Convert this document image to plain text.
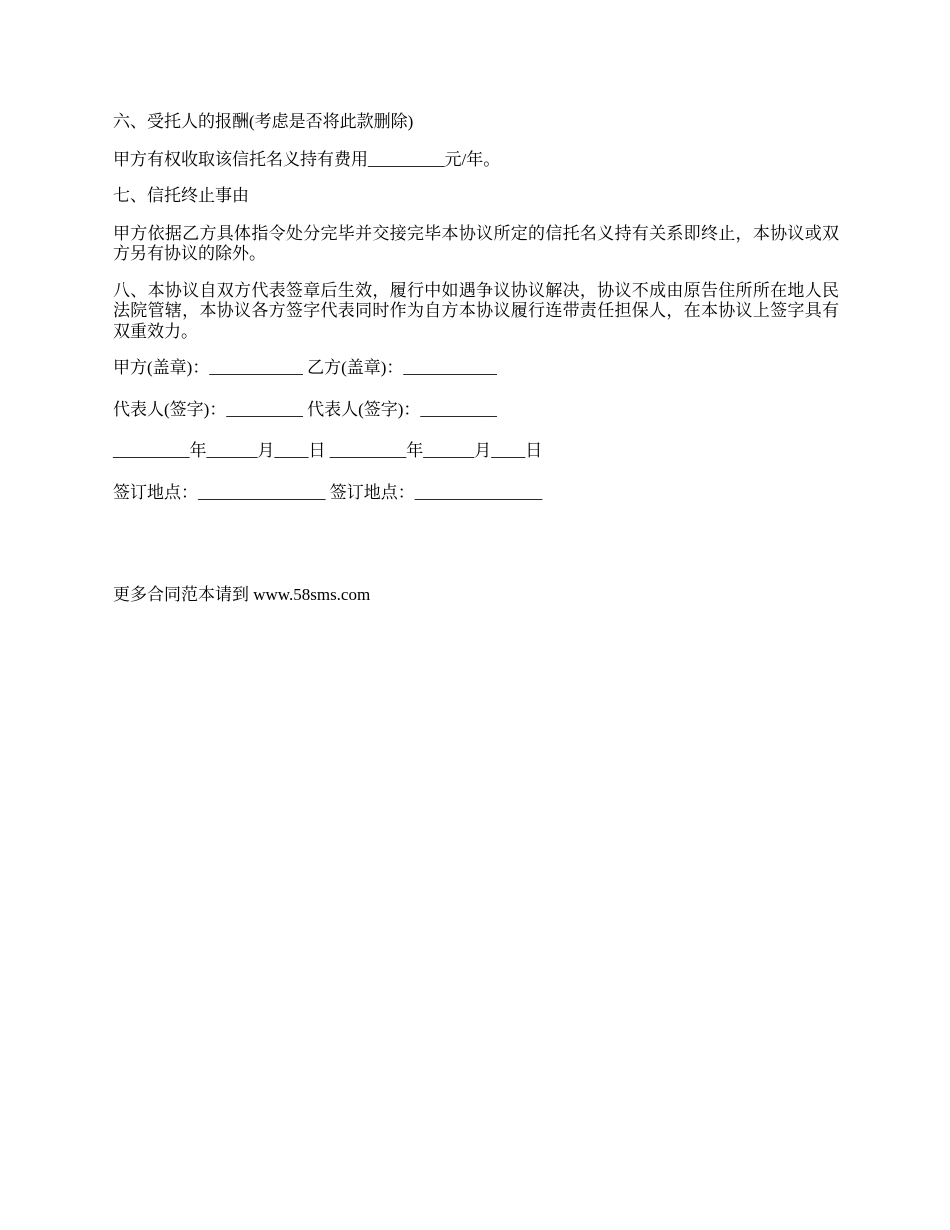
六、受托人的报酬(考虑是否将此款删除)

甲方有权收取该信托名义持有费用_________元/年。

七、信托终止事由

甲方依据乙方具体指令处分完毕并交接完毕本协议所定的信托名义持有关系即终止，本协议或双方另有协议的除外。

八、本协议自双方代表签章后生效，履行中如遇争议协议解决，协议不成由原告住所所在地人民法院管辖，本协议各方签字代表同时作为自方本协议履行连带责任担保人，在本协议上签字具有双重效力。

甲方(盖章)：___________ 乙方(盖章)：___________

代表人(签字)：_________ 代表人(签字)：_________

_________年______月____日 _________年______月____日

签订地点：_______________ 签订地点：_______________

更多合同范本请到 www.58sms.com
